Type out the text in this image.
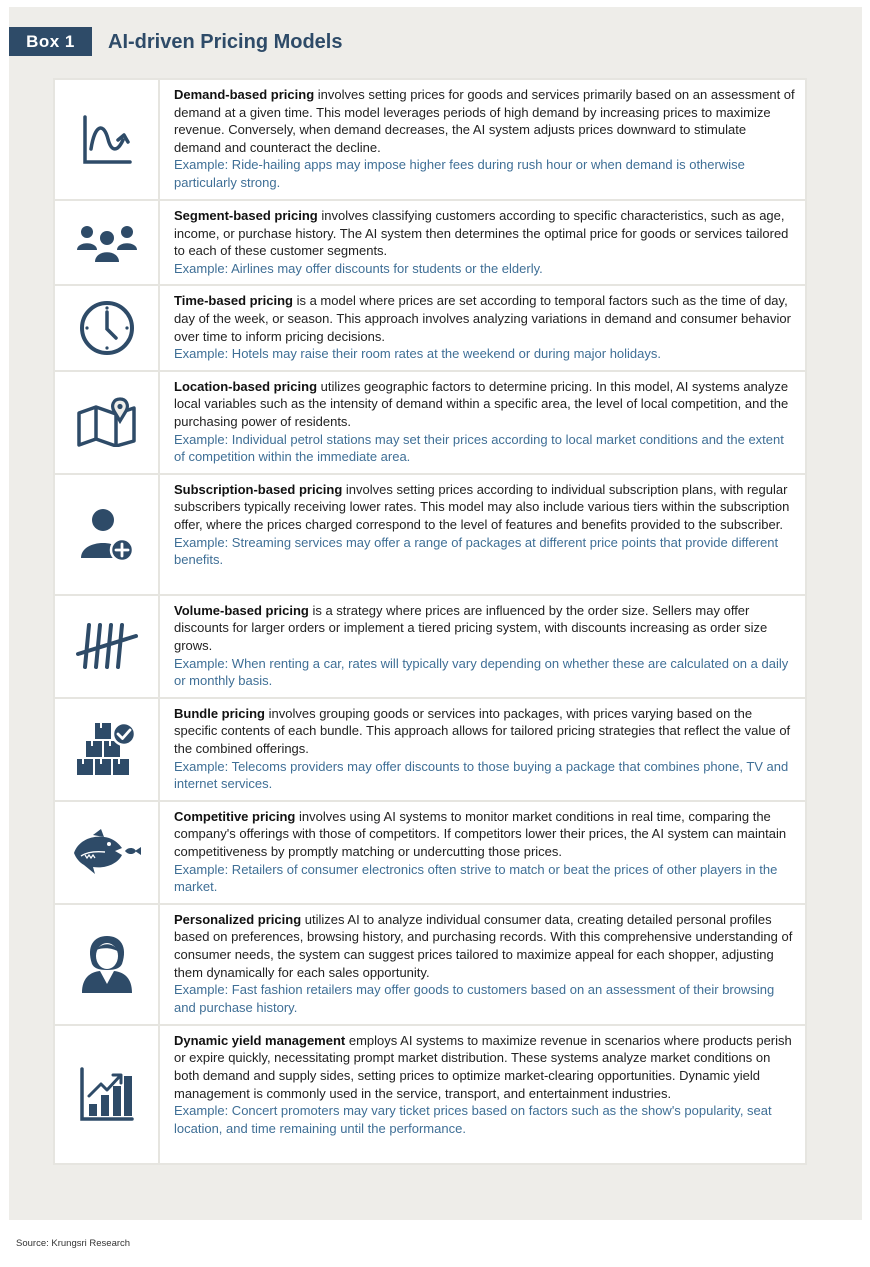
Box 1	AI-driven Pricing Models
	Demand-based pricing involves setting prices for goods and services primarily based on an assessment of demand at a given time. This model leverages periods of high demand by increasing prices to maximize revenue. Conversely, when demand decreases, the AI system adjusts prices downward to stimulate demand and counteract the decline.
Example: Ride-hailing apps may impose higher fees during rush hour or when demand is otherwise particularly strong.

	Segment-based pricing involves classifying customers according to specific characteristics, such as age, income, or purchase history. The AI system then determines the optimal price for goods or services tailored to each of these customer segments.
Example: Airlines may offer discounts for students or the elderly.

	Time-based pricing is a model where prices are set according to temporal factors such as the time of day, day of the week, or season. This approach involves analyzing variations in demand and consumer behavior over time to inform pricing decisions.
Example: Hotels may raise their room rates at the weekend or during major holidays.

	Location-based pricing utilizes geographic factors to determine pricing. In this model, AI systems analyze local variables such as the intensity of demand within a specific area, the level of local competition, and the purchasing power of residents.
Example: Individual petrol stations may set their prices according to local market conditions and the extent of competition within the immediate area.

	Subscription-based pricing involves setting prices according to individual subscription plans, with regular subscribers typically receiving lower rates. This model may also include various tiers within the subscription offer, where the prices charged correspond to the level of features and benefits provided to the subscriber.
Example: Streaming services may offer a range of packages at different price points that provide different benefits.

	Volume-based pricing is a strategy where prices are influenced by the order size. Sellers may offer discounts for larger orders or implement a tiered pricing system, with discounts increasing as order size grows.
Example: When renting a car, rates will typically vary depending on whether these are calculated on a daily or monthly basis.

	Bundle pricing involves grouping goods or services into packages, with prices varying based on the specific contents of each bundle. This approach allows for tailored pricing strategies that reflect the value of the combined offerings.
Example: Telecoms providers may offer discounts to those buying a package that combines phone, TV and internet services.

	Competitive pricing involves using AI systems to monitor market conditions in real time, comparing the company's offerings with those of competitors. If competitors lower their prices, the AI system can maintain competitiveness by promptly matching or undercutting those prices.
Example: Retailers of consumer electronics often strive to match or beat the prices of other players in the market.

	Personalized pricing utilizes AI to analyze individual consumer data, creating detailed personal profiles based on preferences, browsing history, and purchasing records. With this comprehensive understanding of consumer needs, the system can suggest prices tailored to maximize appeal for each shopper, adjusting them dynamically for each sales opportunity.
Example: Fast fashion retailers may offer goods to customers based on an assessment of their browsing and purchase history.

	Dynamic yield management employs AI systems to maximize revenue in scenarios where products perish or expire quickly, necessitating prompt market distribution. These systems analyze market conditions on both demand and supply sides, setting prices to optimize market-clearing opportunities. Dynamic yield management is commonly used in the service, transport, and entertainment industries.
Example: Concert promoters may vary ticket prices based on factors such as the show's popularity, seat location, and time remaining until the performance.
Source: Krungsri Research
